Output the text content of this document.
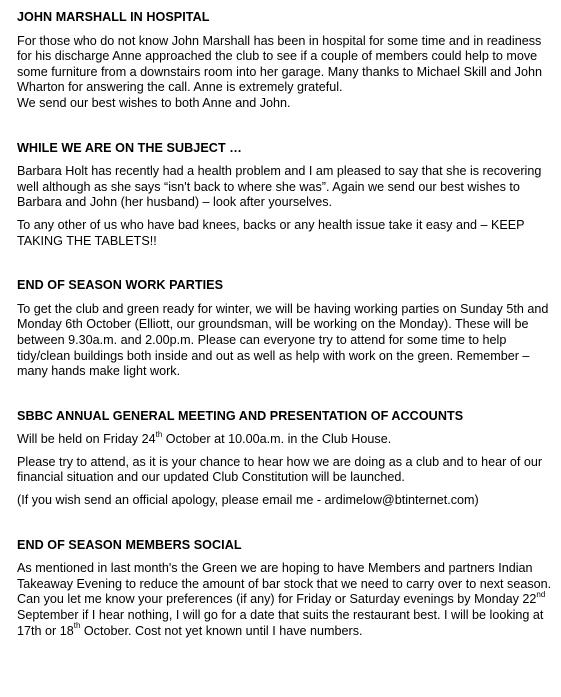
JOHN MARSHALL IN HOSPITAL

For those who do not know John Marshall has been in hospital for some time and in readiness for his discharge Anne approached the club to see if a couple of members could help to move some furniture from a downstairs room into her garage. Many thanks to Michael Skill and John Wharton for answering the call. Anne is extremely grateful.

We send our best wishes to both Anne and John.

WHILE WE ARE ON THE SUBJECT …

Barbara Holt has recently had a health problem and I am pleased to say that she is recovering well although as she says “isn't back to where she was”. Again we send our best wishes to Barbara and John (her husband) – look after yourselves.

To any other of us who have bad knees, backs or any health issue take it easy and – KEEP TAKING THE TABLETS!!

END OF SEASON WORK PARTIES

To get the club and green ready for winter, we will be having working parties on Sunday 5th and Monday 6th October (Elliott, our groundsman, will be working on the Monday). These will be between 9.30a.m. and 2.00p.m. Please can everyone try to attend for some time to help tidy/clean buildings both inside and out as well as help with work on the green. Remember – many hands make light work.

SBBC ANNUAL GENERAL MEETING AND PRESENTATION OF ACCOUNTS

Will be held on Friday 24th October at 10.00a.m. in the Club House.

Please try to attend, as it is your chance to hear how we are doing as a club and to hear of our financial situation and our updated Club Constitution will be launched.

(If you wish send an official apology, please email me - ardimelow@btinternet.com)

END OF SEASON MEMBERS SOCIAL

As mentioned in last month's the Green we are hoping to have Members and partners Indian Takeaway Evening to reduce the amount of bar stock that we need to carry over to next season. Can you let me know your preferences (if any) for Friday or Saturday evenings by Monday 22nd September if I hear nothing, I will go for a date that suits the restaurant best. I will be looking at 17th or 18th October. Cost not yet known until I have numbers.
